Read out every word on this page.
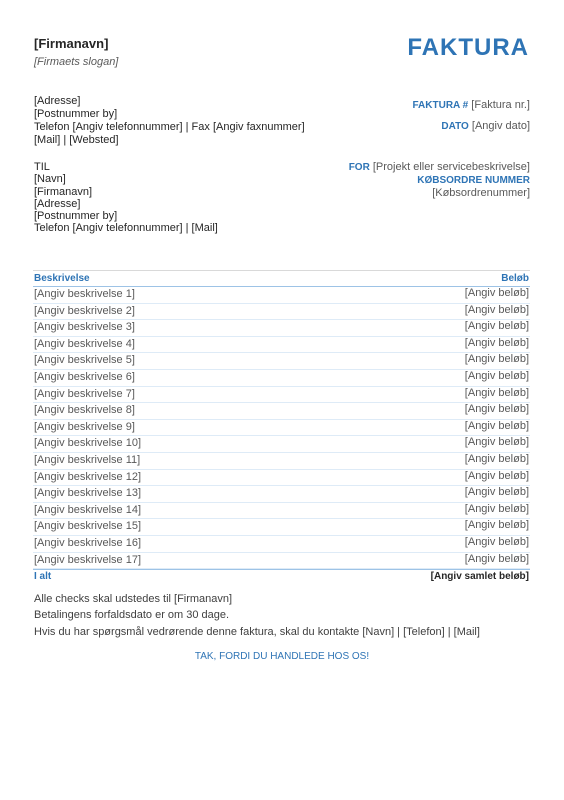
[Firmanavn]
[Firmaets slogan]
FAKTURA
[Adresse]
[Postnummer by]
Telefon [Angiv telefonnummer] | Fax [Angiv faxnummer]
[Mail] | [Websted]
FAKTURA # [Faktura nr.]
DATO [Angiv dato]
TIL
[Navn]
[Firmanavn]
[Adresse]
[Postnummer by]
Telefon [Angiv telefonnummer] | [Mail]
FOR [Projekt eller servicebeskrivelse]
KØBSORDRE NUMMER
[Købsordrenummer]
Beskrivelse	Beløb
[Angiv beskrivelse 1]	[Angiv beløb]
[Angiv beskrivelse 2]	[Angiv beløb]
[Angiv beskrivelse 3]	[Angiv beløb]
[Angiv beskrivelse 4]	[Angiv beløb]
[Angiv beskrivelse 5]	[Angiv beløb]
[Angiv beskrivelse 6]	[Angiv beløb]
[Angiv beskrivelse 7]	[Angiv beløb]
[Angiv beskrivelse 8]	[Angiv beløb]
[Angiv beskrivelse 9]	[Angiv beløb]
[Angiv beskrivelse 10]	[Angiv beløb]
[Angiv beskrivelse 11]	[Angiv beløb]
[Angiv beskrivelse 12]	[Angiv beløb]
[Angiv beskrivelse 13]	[Angiv beløb]
[Angiv beskrivelse 14]	[Angiv beløb]
[Angiv beskrivelse 15]	[Angiv beløb]
[Angiv beskrivelse 16]	[Angiv beløb]
[Angiv beskrivelse 17]	[Angiv beløb]
I alt	[Angiv samlet beløb]
Alle checks skal udstedes til [Firmanavn]
Betalingens forfaldsdato er om 30 dage.
Hvis du har spørgsmål vedrørende denne faktura, skal du kontakte [Navn] | [Telefon] | [Mail]
TAK, FORDI DU HANDLEDE HOS OS!
